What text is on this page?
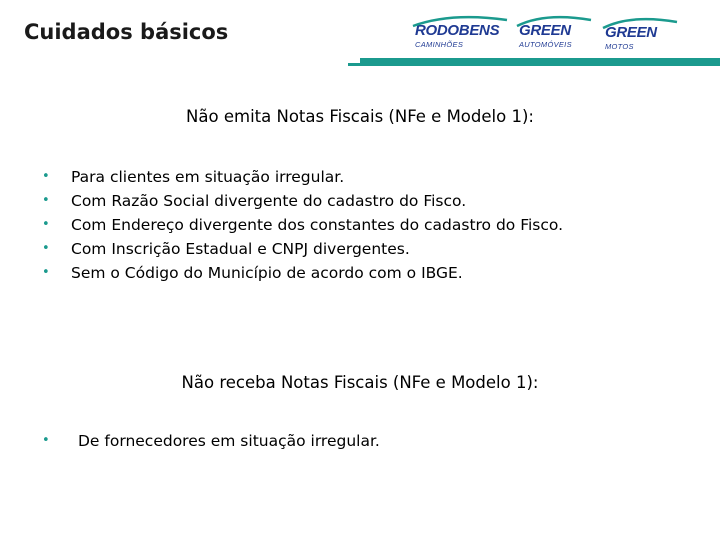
Cuidados básicos	RODOBENS
CAMINHÕES
GREEN
AUTOMÓVEIS
GREEN
MOTOS
Não emita Notas Fiscais (NFe e Modelo 1):
• Para clientes em situação irregular.
• Com Razão Social divergente do cadastro do Fisco.
• Com Endereço divergente dos constantes do cadastro do Fisco.
• Com Inscrição Estadual e CNPJ divergentes.
• Sem o Código do Município de acordo com o IBGE.
Não receba Notas Fiscais (NFe e Modelo 1):
• De fornecedores em situação irregular.
